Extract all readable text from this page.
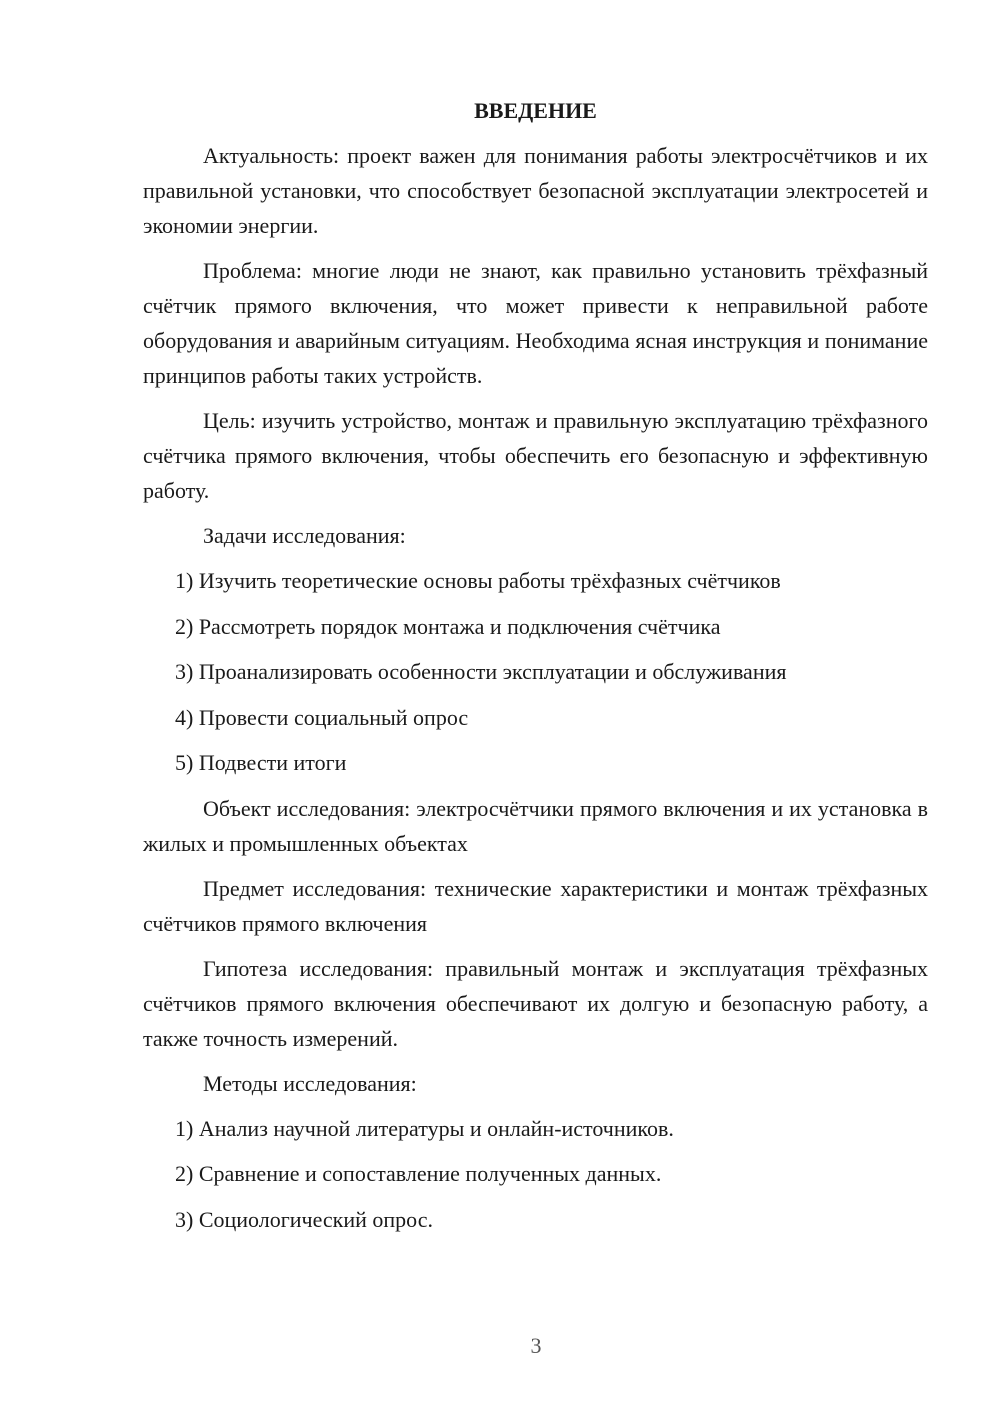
ВВЕДЕНИЕ

Актуальность: проект важен для понимания работы электросчётчиков и их правильной установки, что способствует безопасной эксплуатации электросетей и экономии энергии.

Проблема: многие люди не знают, как правильно установить трёхфазный счётчик прямого включения, что может привести к неправильной работе оборудования и аварийным ситуациям. Необходима ясная инструкция и понимание принципов работы таких устройств.

Цель: изучить устройство, монтаж и правильную эксплуатацию трёхфазного счётчика прямого включения, чтобы обеспечить его безопасную и эффективную работу.

Задачи исследования:

1) Изучить теоретические основы работы трёхфазных счётчиков
2) Рассмотреть порядок монтажа и подключения счётчика
3) Проанализировать особенности эксплуатации и обслуживания
4) Провести социальный опрос
5) Подвести итоги

Объект исследования: электросчётчики прямого включения и их установка в жилых и промышленных объектах

Предмет исследования: технические характеристики и монтаж трёхфазных счётчиков прямого включения

Гипотеза исследования: правильный монтаж и эксплуатация трёхфазных счётчиков прямого включения обеспечивают их долгую и безопасную работу, а также точность измерений.

Методы исследования:

1) Анализ научной литературы и онлайн-источников.
2) Сравнение и сопоставление полученных данных.
3) Социологический опрос.
3
